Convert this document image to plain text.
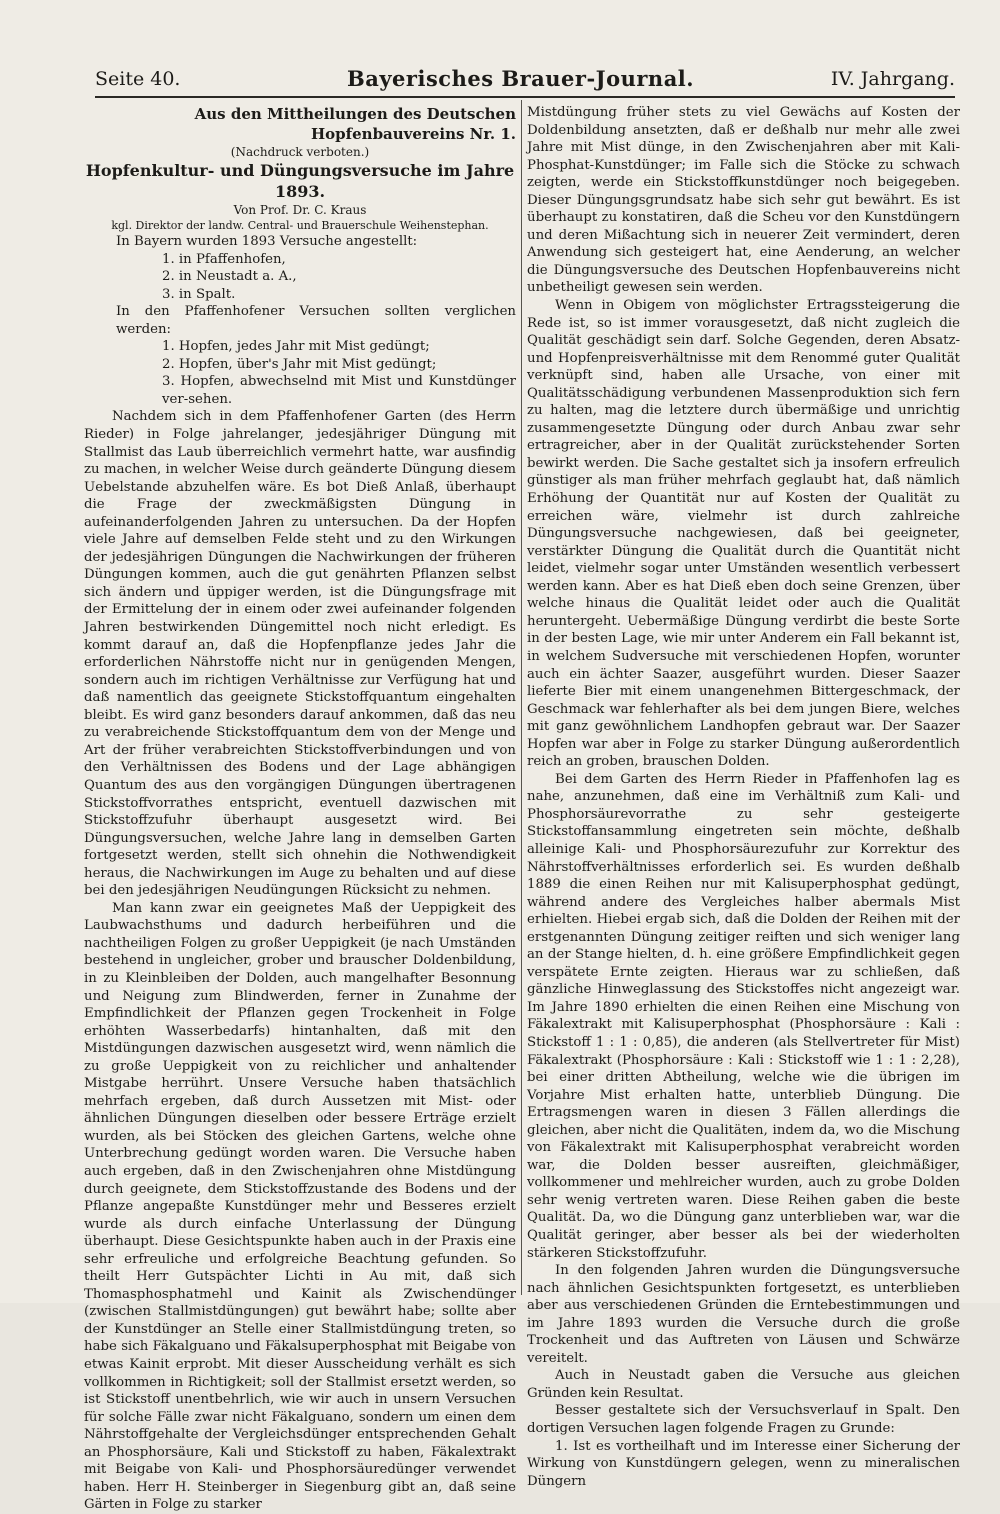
Seite 40.	Bayerisches Brauer-Journal.	IV. Jahrgang.
Aus den Mittheilungen des Deutschen Hopfenbauvereins Nr. 1.
(Nachdruck verboten.)
Hopfenkultur- und Düngungsversuche im Jahre 1893.
Von Prof. Dr. C. Kraus
kgl. Direktor der landw. Central- und Brauerschule Weihenstephan.
In Bayern wurden 1893 Versuche angestellt:
1. in Pfaffenhofen,
2. in Neustadt a. A.,
3. in Spalt.
In den Pfaffenhofener Versuchen sollten verglichen werden:
1. Hopfen, jedes Jahr mit Mist gedüngt;
2. Hopfen, über's Jahr mit Mist gedüngt;
3. Hopfen, abwechselnd mit Mist und Kunstdünger ver-sehen.

Nachdem sich in dem Pfaffenhofener Garten (des Herrn Rieder) in Folge jahrelanger, jedesjähriger Düngung mit Stallmist das Laub überreichlich vermehrt hatte, war ausfindig zu machen, in welcher Weise durch geänderte Düngung diesem Uebelstande abzuhelfen wäre. Es bot Dieß Anlaß, überhaupt die Frage der zweckmäßigsten Düngung in aufeinanderfolgenden Jahren zu untersuchen. Da der Hopfen viele Jahre auf demselben Felde steht und zu den Wirkungen der jedesjährigen Düngungen die Nachwirkungen der früheren Düngungen kommen, auch die gut genährten Pflanzen selbst sich ändern und üppiger werden, ist die Düngungsfrage mit der Ermittelung der in einem oder zwei aufeinander folgenden Jahren bestwirkenden Düngemittel noch nicht erledigt. Es kommt darauf an, daß die Hopfenpflanze jedes Jahr die erforderlichen Nährstoffe nicht nur in genügenden Mengen, sondern auch im richtigen Verhältnisse zur Verfügung hat und daß namentlich das geeignete Stickstoffquantum eingehalten bleibt. Es wird ganz besonders darauf ankommen, daß das neu zu verabreichende Stickstoffquantum dem von der Menge und Art der früher verabreichten Stickstoffverbindungen und von den Verhältnissen des Bodens und der Lage abhängigen Quantum des aus den vorgängigen Düngungen übertragenen Stickstoffvorrathes entspricht, eventuell dazwischen mit Stickstoffzufuhr überhaupt ausgesetzt wird. Bei Düngungsversuchen, welche Jahre lang in demselben Garten fortgesetzt werden, stellt sich ohnehin die Nothwendigkeit heraus, die Nachwirkungen im Auge zu behalten und auf diese bei den jedesjährigen Neudüngungen Rücksicht zu nehmen.

Man kann zwar ein geeignetes Maß der Ueppigkeit des Laubwachsthums und dadurch herbeiführen und die nachtheiligen Folgen zu großer Ueppigkeit (je nach Umständen bestehend in ungleicher, grober und brauscher Doldenbildung, in zu Kleinbleiben der Dolden, auch mangelhafter Besonnung und Neigung zum Blindwerden, ferner in Zunahme der Empfindlichkeit der Pflanzen gegen Trockenheit in Folge erhöhten Wasserbedarfs) hintanhalten, daß mit den Mistdüngungen dazwischen ausgesetzt wird, wenn nämlich die zu große Ueppigkeit von zu reichlicher und anhaltender Mistgabe herrührt. Unsere Versuche haben thatsächlich mehrfach ergeben, daß durch Aussetzen mit Mist- oder ähnlichen Düngungen dieselben oder bessere Erträge erzielt wurden, als bei Stöcken des gleichen Gartens, welche ohne Unterbrechung gedüngt worden waren. Die Versuche haben auch ergeben, daß in den Zwischenjahren ohne Mistdüngung durch geeignete, dem Stickstoffzustande des Bodens und der Pflanze angepaßte Kunstdünger mehr und Besseres erzielt wurde als durch einfache Unterlassung der Düngung überhaupt. Diese Gesichtspunkte haben auch in der Praxis eine sehr erfreuliche und erfolgreiche Beachtung gefunden. So theilt Herr Gutspächter Lichti in Au mit, daß sich Thomasphosphatmehl und Kainit als Zwischendünger (zwischen Stallmistdüngungen) gut bewährt habe; sollte aber der Kunstdünger an Stelle einer Stallmistdüngung treten, so habe sich Fäkalguano und Fäkalsuperphosphat mit Beigabe von etwas Kainit erprobt. Mit dieser Ausscheidung verhält es sich vollkommen in Richtigkeit; soll der Stallmist ersetzt werden, so ist Stickstoff unentbehrlich, wie wir auch in unsern Versuchen für solche Fälle zwar nicht Fäkalguano, sondern um einen dem Nährstoffgehalte der Vergleichsdünger entsprechenden Gehalt an Phosphorsäure, Kali und Stickstoff zu haben, Fäkalextrakt mit Beigabe von Kali- und Phosphorsäuredünger verwendet haben. Herr H. Steinberger in Siegenburg gibt an, daß seine Gärten in Folge zu starker

Mistdüngung früher stets zu viel Gewächs auf Kosten der Doldenbildung ansetzten, daß er deßhalb nur mehr alle zwei Jahre mit Mist dünge, in den Zwischenjahren aber mit Kali-Phosphat-Kunstdünger; im Falle sich die Stöcke zu schwach zeigten, werde ein Stickstoffkunstdünger noch beigegeben. Dieser Düngungsgrundsatz habe sich sehr gut bewährt. Es ist überhaupt zu konstatiren, daß die Scheu vor den Kunstdüngern und deren Mißachtung sich in neuerer Zeit vermindert, deren Anwendung sich gesteigert hat, eine Aenderung, an welcher die Düngungsversuche des Deutschen Hopfenbauvereins nicht unbetheiligt gewesen sein werden.

Wenn in Obigem von möglichster Ertragssteigerung die Rede ist, so ist immer vorausgesetzt, daß nicht zugleich die Qualität geschädigt sein darf. Solche Gegenden, deren Absatz- und Hopfenpreisverhältnisse mit dem Renommé guter Qualität verknüpft sind, haben alle Ursache, von einer mit Qualitätsschädigung verbundenen Massenproduktion sich fern zu halten, mag die letztere durch übermäßige und unrichtig zusammengesetzte Düngung oder durch Anbau zwar sehr ertragreicher, aber in der Qualität zurückstehender Sorten bewirkt werden. Die Sache gestaltet sich ja insofern erfreulich günstiger als man früher mehrfach geglaubt hat, daß nämlich Erhöhung der Quantität nur auf Kosten der Qualität zu erreichen wäre, vielmehr ist durch zahlreiche Düngungsversuche nachgewiesen, daß bei geeigneter, verstärkter Düngung die Qualität durch die Quantität nicht leidet, vielmehr sogar unter Umständen wesentlich verbessert werden kann. Aber es hat Dieß eben doch seine Grenzen, über welche hinaus die Qualität leidet oder auch die Qualität heruntergeht. Uebermäßige Düngung verdirbt die beste Sorte in der besten Lage, wie mir unter Anderem ein Fall bekannt ist, in welchem Sudversuche mit verschiedenen Hopfen, worunter auch ein ächter Saazer, ausgeführt wurden. Dieser Saazer lieferte Bier mit einem unangenehmen Bittergeschmack, der Geschmack war fehlerhafter als bei dem jungen Biere, welches mit ganz gewöhnlichem Landhopfen gebraut war. Der Saazer Hopfen war aber in Folge zu starker Düngung außerordentlich reich an groben, brauschen Dolden.

Bei dem Garten des Herrn Rieder in Pfaffenhofen lag es nahe, anzunehmen, daß eine im Verhältniß zum Kali- und Phosphorsäurevorrathe zu sehr gesteigerte Stickstoffansammlung eingetreten sein möchte, deßhalb alleinige Kali- und Phosphorsäurezufuhr zur Korrektur des Nährstoffverhältnisses erforderlich sei. Es wurden deßhalb 1889 die einen Reihen nur mit Kalisuperphosphat gedüngt, während andere des Vergleiches halber abermals Mist erhielten. Hiebei ergab sich, daß die Dolden der Reihen mit der erstgenannten Düngung zeitiger reiften und sich weniger lang an der Stange hielten, d. h. eine größere Empfindlichkeit gegen verspätete Ernte zeigten. Hieraus war zu schließen, daß gänzliche Hinweglassung des Stickstoffes nicht angezeigt war. Im Jahre 1890 erhielten die einen Reihen eine Mischung von Fäkalextrakt mit Kalisuperphosphat (Phosphorsäure : Kali : Stickstoff 1 : 1 : 0,85), die anderen (als Stellvertreter für Mist) Fäkalextrakt (Phosphorsäure : Kali : Stickstoff wie 1 : 1 : 2,28), bei einer dritten Abtheilung, welche wie die übrigen im Vorjahre Mist erhalten hatte, unterblieb Düngung. Die Ertragsmengen waren in diesen 3 Fällen allerdings die gleichen, aber nicht die Qualitäten, indem da, wo die Mischung von Fäkalextrakt mit Kalisuperphosphat verabreicht worden war, die Dolden besser ausreiften, gleichmäßiger, vollkommener und mehlreicher wurden, auch zu grobe Dolden sehr wenig vertreten waren. Diese Reihen gaben die beste Qualität. Da, wo die Düngung ganz unterblieben war, war die Qualität geringer, aber besser als bei der wiederholten stärkeren Stickstoffzufuhr.

In den folgenden Jahren wurden die Düngungsversuche nach ähnlichen Gesichtspunkten fortgesetzt, es unterblieben aber aus verschiedenen Gründen die Erntebestimmungen und im Jahre 1893 wurden die Versuche durch die große Trockenheit und das Auftreten von Läusen und Schwärze vereitelt.

Auch in Neustadt gaben die Versuche aus gleichen Gründen kein Resultat.

Besser gestaltete sich der Versuchsverlauf in Spalt. Den dortigen Versuchen lagen folgende Fragen zu Grunde:

1. Ist es vortheilhaft und im Interesse einer Sicherung der Wirkung von Kunstdüngern gelegen, wenn zu mineralischen Düngern
